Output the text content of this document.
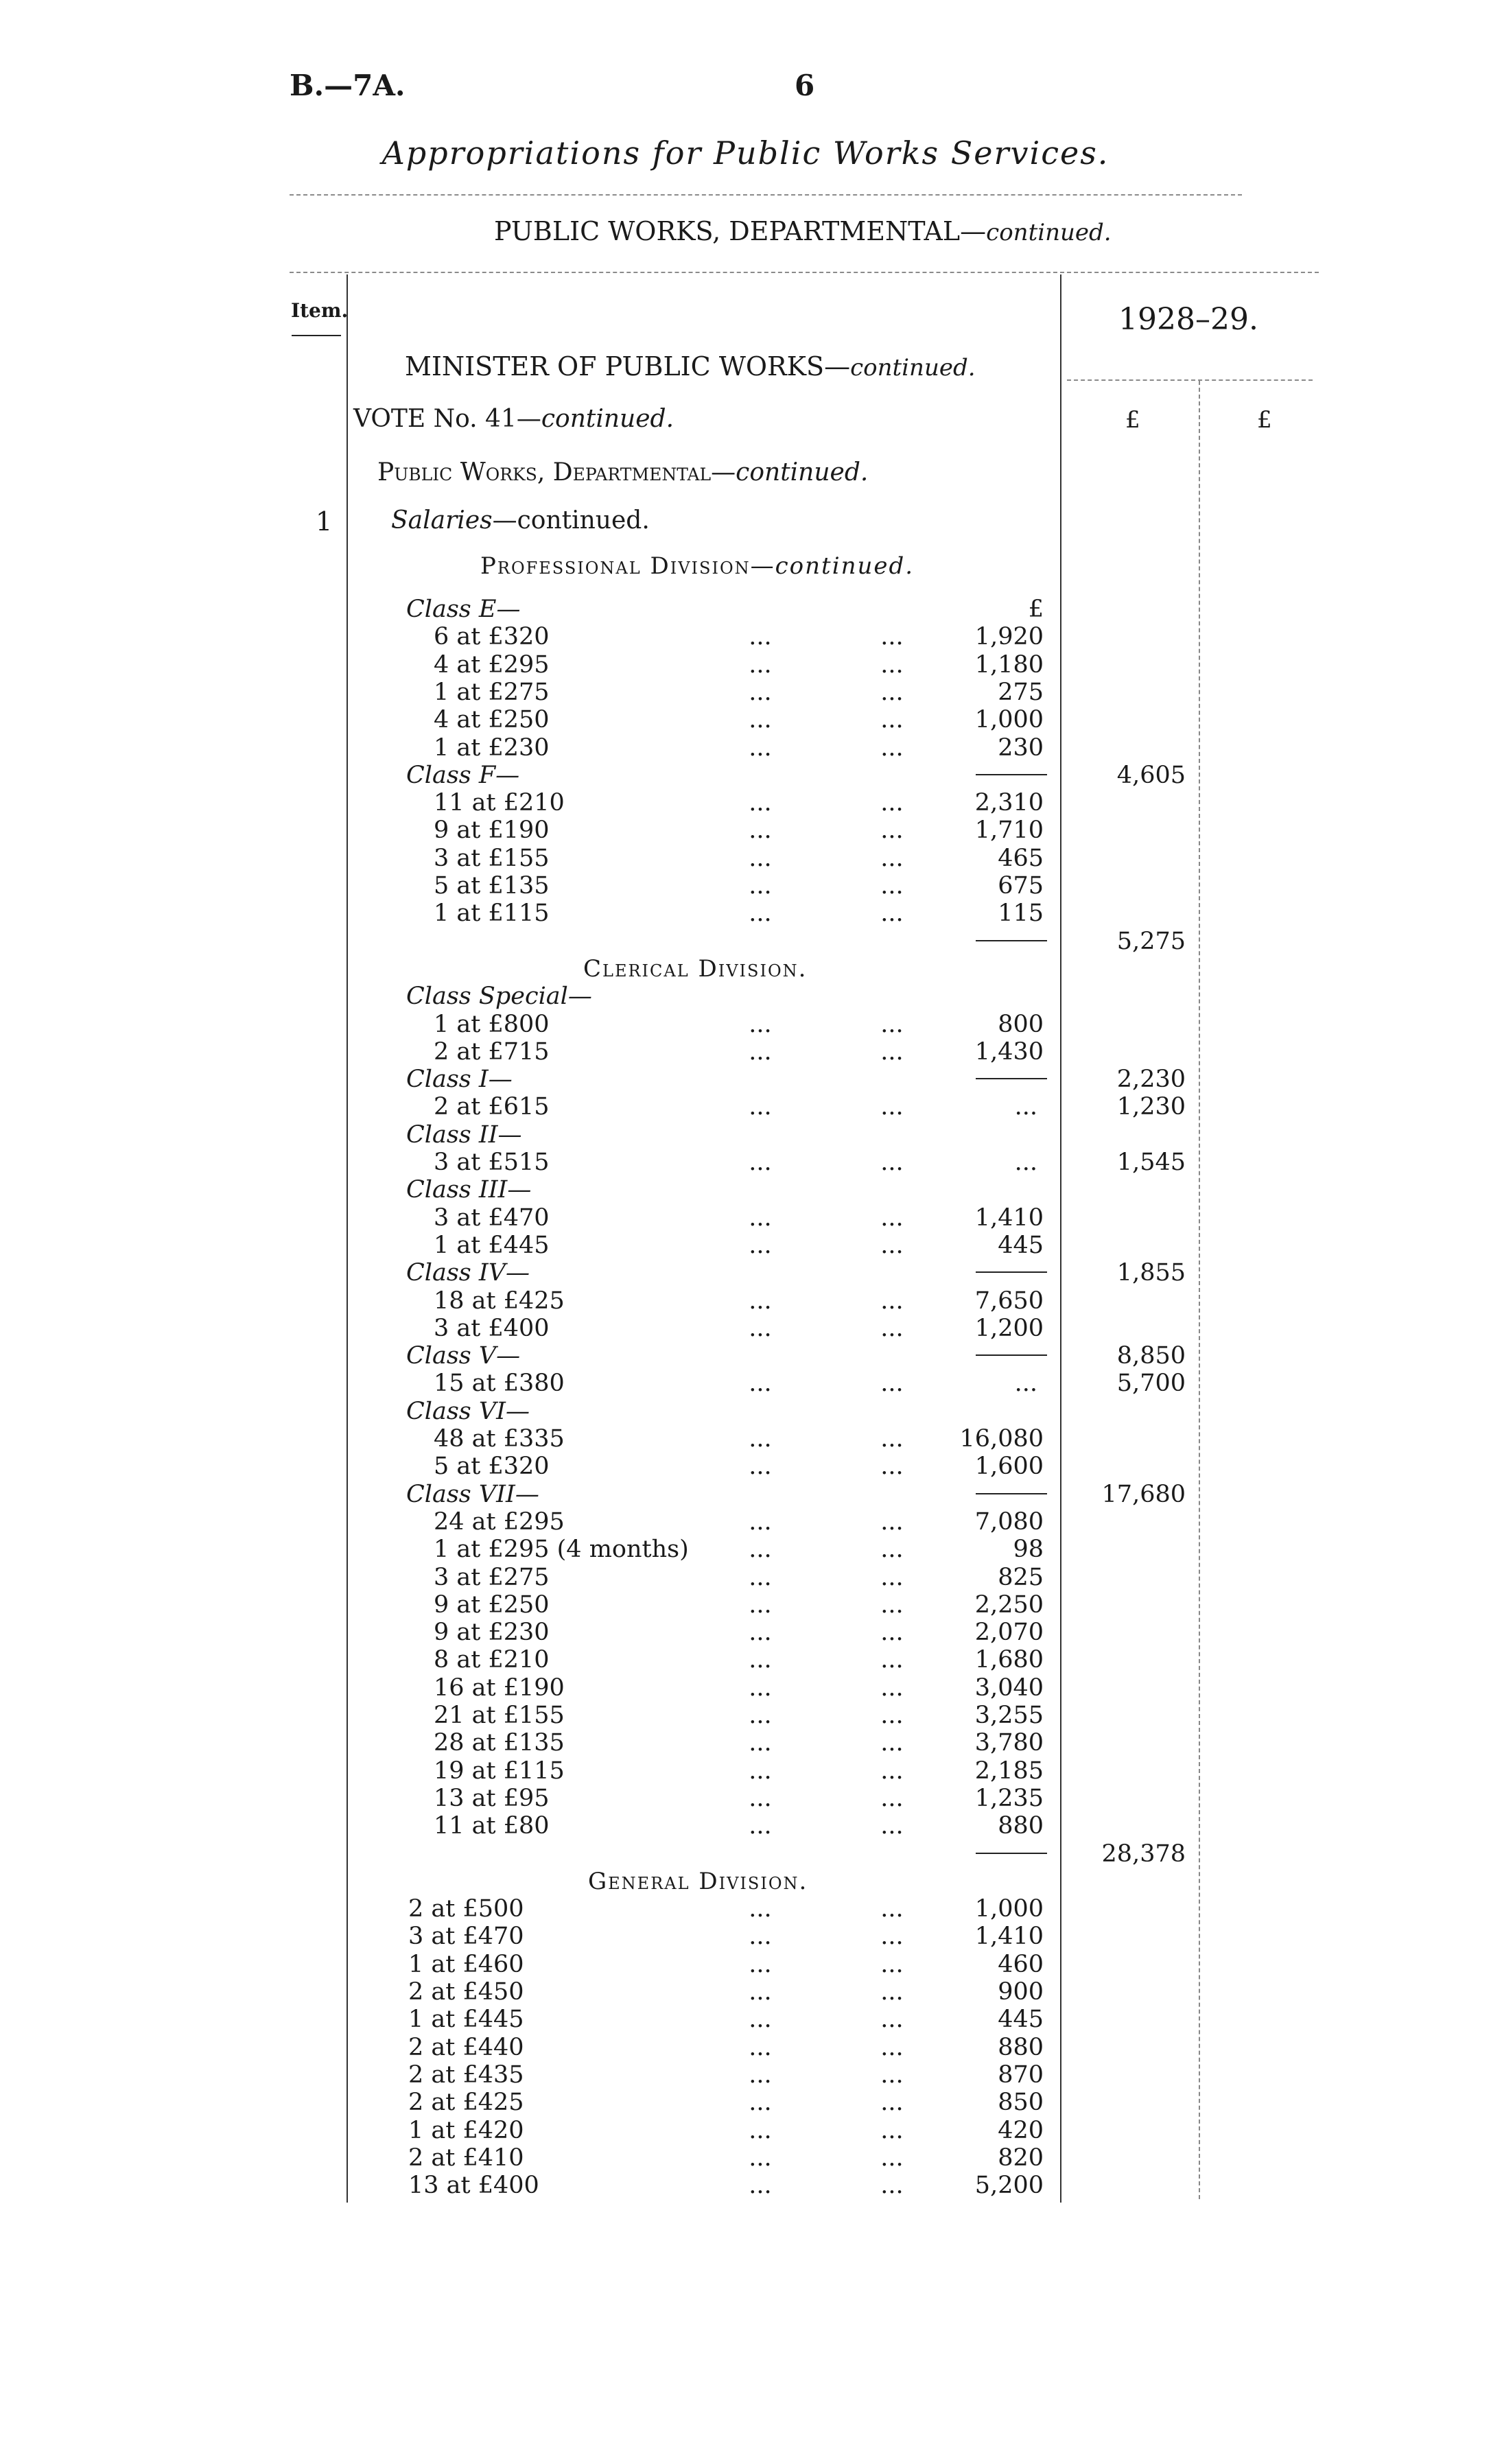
B.—7A.	6
Appropriations for Public Works Services.
PUBLIC WORKS, DEPARTMENTAL—continued.
Item.	1928–29.
£	£
MINISTER OF PUBLIC WORKS—continued.
VOTE No. 41—continued.
Public Works, Departmental—continued.
1 Salaries—continued.
Professional Division—continued.
Class E—	£
6 at £320	...	...	1,920
4 at £295	...	...	1,180
1 at £275	...	...	275
4 at £250	...	...	1,000
1 at £230	...	...	230
Class F—	4,605
11 at £210	...	...	2,310
9 at £190	...	...	1,710
3 at £155	...	...	465
5 at £135	...	...	675
1 at £115	...	...	115
5,275
Clerical Division.
Class Special—
1 at £800	...	...	800
2 at £715	...	...	1,430
Class I—	2,230
2 at £615	...	...	...	1,230
Class II—
3 at £515	...	...	...	1,545
Class III—
3 at £470	...	...	1,410
1 at £445	...	...	445
Class IV—	1,855
18 at £425	...	...	7,650
3 at £400	...	...	1,200
Class V—	8,850
15 at £380	...	...	...	5,700
Class VI—
48 at £335	...	...	16,080
5 at £320	...	...	1,600
Class VII—	17,680
24 at £295	...	...	7,080
1 at £295 (4 months)	...	...	98
3 at £275	...	...	825
9 at £250	...	...	2,250
9 at £230	...	...	2,070
8 at £210	...	...	1,680
16 at £190	...	...	3,040
21 at £155	...	...	3,255
28 at £135	...	...	3,780
19 at £115	...	...	2,185
13 at £95	...	...	1,235
11 at £80	...	...	880
28,378
General Division.
2 at £500	...	...	1,000
3 at £470	...	...	1,410
1 at £460	...	...	460
2 at £450	...	...	900
1 at £445	...	...	445
2 at £440	...	...	880
2 at £435	...	...	870
2 at £425	...	...	850
1 at £420	...	...	420
2 at £410	...	...	820
13 at £400	...	...	5,200
